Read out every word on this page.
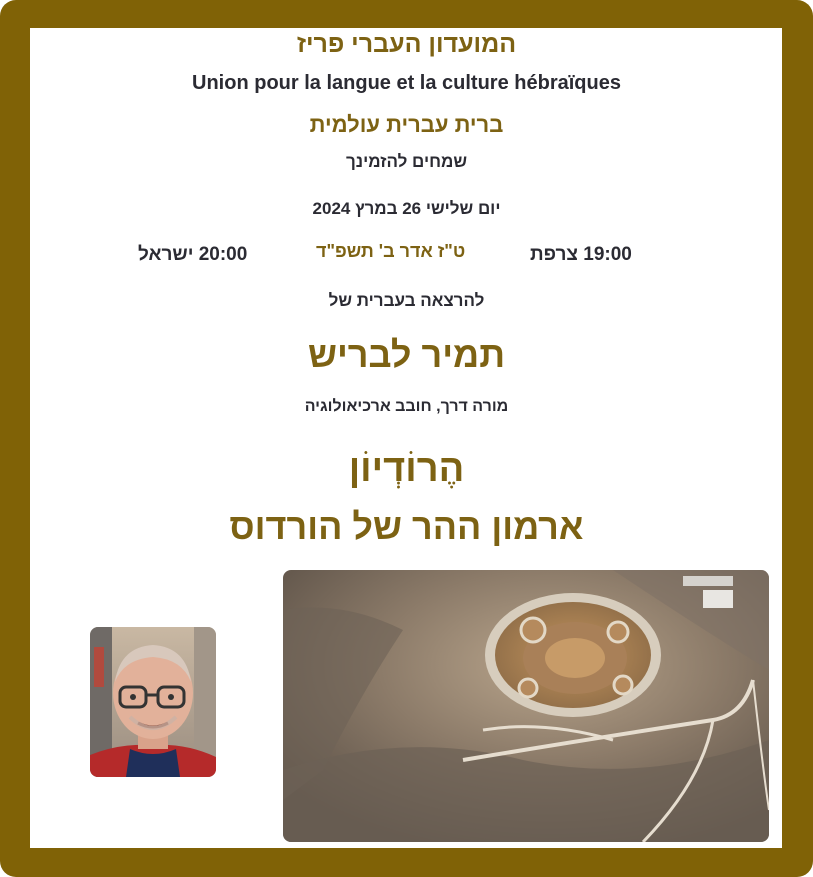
המועדון העברי פריז
Union pour la langue et la culture hébraïques
ברית עברית עולמית
שמחים להזמינך
יום שלישי 26 במרץ 2024
19:00 צרפת
ט"ז אדר ב' תשפ"ד
20:00 ישראל
להרצאה בעברית של
תמיר לבריש
מורה דרך, חובב ארכיאולוגיה
הֶרוֹדְיוֹן
ארמון ההר של הורדוס
